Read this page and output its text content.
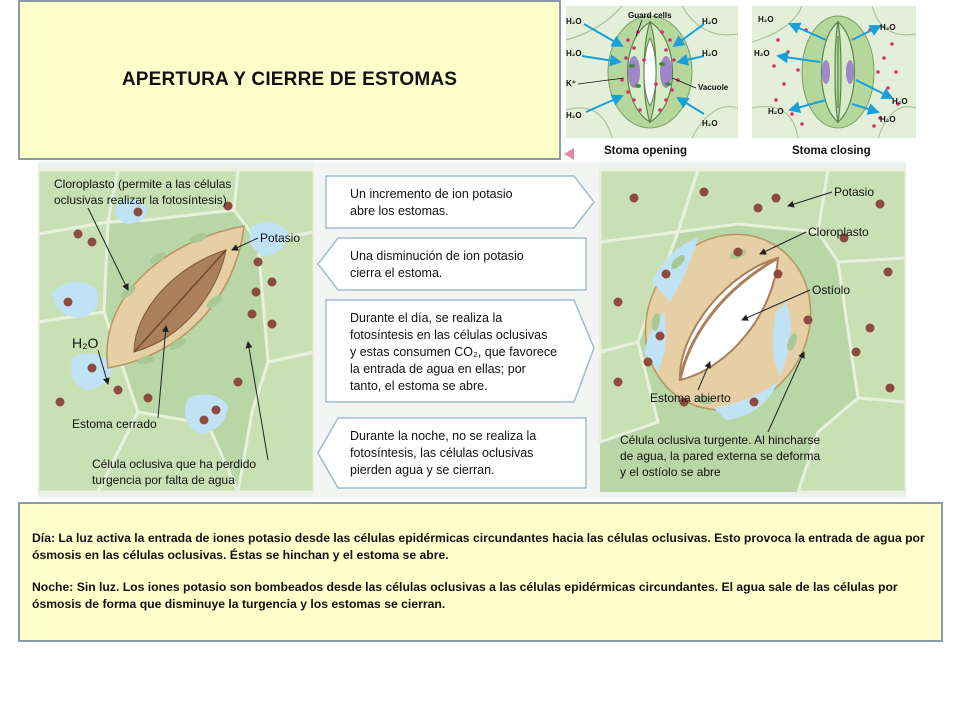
APERTURA Y CIERRE DE ESTOMAS
H₂O
H₂O
H₂O
H₂O
H₂O
H₂O
Guard cells
Vacuole
K⁺
H₂O
H₂O
H₂O
H₂O
H₂O
H₂O
Stoma opening	Stoma closing
Cloroplasto (permite a las células
oclusivas realizar la fotosíntesis)
Potasio
H₂O
Estoma cerrado
Célula oclusiva que ha perdido
turgencia por falta de agua
Un incremento de ion potasio
abre los estomas.
Una disminución de ion potasio
cierra el estoma.
Durante el día, se realiza la
fotosíntesis en las células oclusivas
y estas consumen CO₂, que favorece
la entrada de agua en ellas; por
tanto, el estoma se abre.
Durante la noche, no se realiza la
fotosíntesis, las células oclusivas
pierden agua y se cierran.
Potasio
Cloroplasto
Ostíolo
Estoma abierto
Célula oclusiva turgente. Al hincharse
de agua, la pared externa se deforma
y el ostíolo se abre

Día: La luz activa la entrada de iones potasio desde las células epidérmicas circundantes hacia las células oclusivas. Esto provoca la entrada de agua por ósmosis en las células oclusivas. Éstas se hinchan y el estoma se abre.

Noche: Sin luz. Los iones potasio son bombeados desde las células oclusivas a las células epidérmicas circundantes. El agua sale de las células por ósmosis de forma que disminuye la turgencia y los estomas se cierran.
